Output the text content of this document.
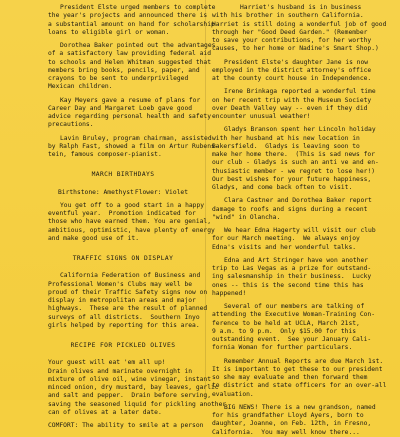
President Elste urged members to complete
the year's projects and announced there is
a substantial amount on hand for scholarship
loans to eligible girl or woman.
Dorothea Baker pointed out the advantages
of a satisfactory law providing federal aid
to schools and Helen Whitman suggested that
members bring books, pencils, paper, and
crayons to be sent to underprivileged
Mexican children.
Kay Meyers gave a resume of plans for
Career Day and Margaret Loeb gave good
advice regarding personal health and safety
precautions.
Lavin Bruley, program chairman, assisted
by Ralph Fast, showed a film on Artur Rubens-
tein, famous composer-pianist.
MARCH BIRTHDAYS
Birthstone: Amethyst Flower: Violet
You get off to a good start in a happy
eventful year.  Promotion indicated for
those who have earned them. You are genial,
ambitious, optimistic, have plenty of energy
and make good use of it.
TRAFFIC SIGNS ON DISPLAY
California Federation of Business and
Professional Women's Clubs may well be
proud of their Traffic Safety signs now on
display in metropolitan areas and major
highways.  These are the result of planned
surveys of all districts.  Southern Inyo
girls helped by reporting for this area.
RECIPE FOR PICKLED OLIVES
Your guest will eat 'em all up!
Drain olives and marinate overnight in
mixture of olive oil, wine vinegar, instant
minced onion, dry mustard, bay leaves, garlic
and salt and pepper.  Drain before serving,
saving the seasoned liquid for pickling another
can of olives at a later date.
COMFORT: The ability to smile at a person
Harriet's husband is in business
with his brother in southern California.
Harriet is still doing a wonderful job of good
through her "Good Deed Garden." (Remember
to save your contributions, for her worthy
causes, to her home or Nadine's Smart Shop.)
President Elste's daughter Jane is now
employed in the district attorney's office
at the county court house in Independence.
Irene Brinkaga reported a wonderful time
on her recent trip with the Museum Society
over Death Valley way -- even if they did
encounter unusual weather!
Gladys Branson spent her Lincoln holiday
with her husband at his new location in
Bakersfield.  Gladys is leaving soon to
make her home there.  (This is sad news for
our club - Gladys is such an anti ve and en-
thusiastic member - we regret to lose her!)
Our best wishes for your future happiness,
Gladys, and come back often to visit.
Clara Castner and Dorothea Baker report
damage to roofs and signs during a recent
"wind" in Olancha.
We hear Edna Hagerty will visit our club
for our March meeting.  We always enjoy
Edna's visits and her wonderful talks.
Edna and Art Stringer have won another
trip to Las Vegas as a prize for outstand-
ing salesmanship in their business.  Lucky
ones -- this is the second time this has
happened!
Several of our members are talking of
attending the Executive Woman-Training Con-
ference to be held at UCLA, March 21st,
9 a.m. to 9 p.m.  Only $15.00 for this
outstanding event.  See your January Cali-
fornia Woman for further particulars.
Remember Annual Reports are due March 1st.
It is important to get these to our president
so she may evaluate and then forward them
to district and state officers for an over-all
evaluation.
BIG NEWS! There is a new grandson, named
for his grandfather Lloyd Ayers, born to
daughter, Joanne, on Feb. 12th, in Fresno,
California.  You may well know there...
